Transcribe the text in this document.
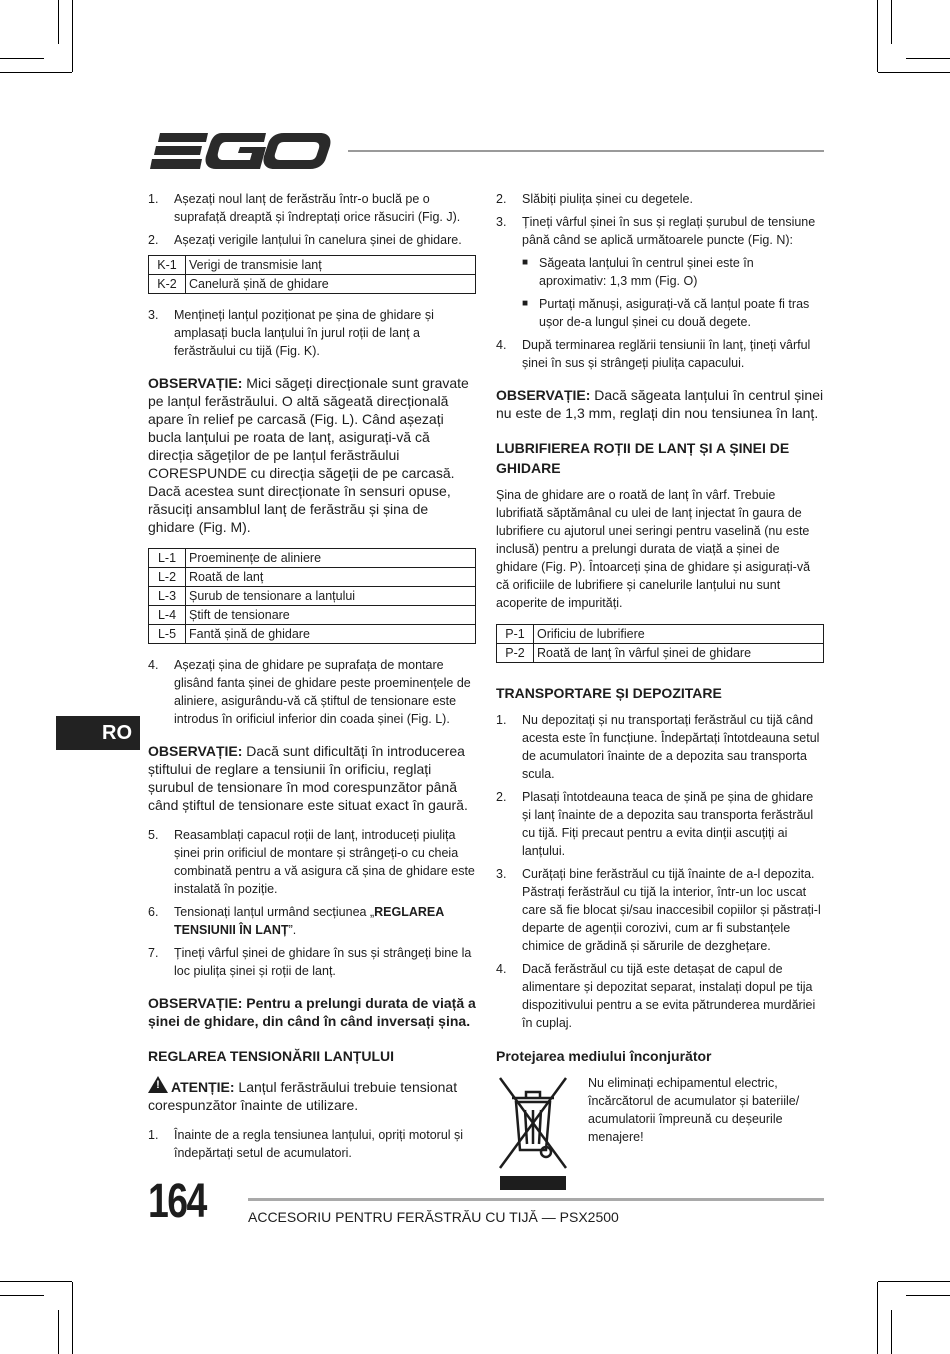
1.	Așezați noul lanț de ferăstrău într-o buclă pe o suprafață dreaptă și îndreptați orice răsuciri (Fig. J).
2.	Așezați verigile lanțului în canelura șinei de ghidare.
K-1	Verigi de transmisie lanț
K-2	Canelură șină de ghidare
3.	Mențineți lanțul poziționat pe șina de ghidare și amplasați bucla lanțului în jurul roții de lanț a ferăstrăului cu tijă (Fig. K).
OBSERVAȚIE: Mici săgeți direcționale sunt gravate pe lanțul ferăstrăului. O altă săgeată direcțională apare în relief pe carcasă (Fig. L). Când așezați bucla lanțului pe roata de lanț, asigurați-vă că direcția săgeților de pe lanțul ferăstrăului CORESPUNDE cu direcția săgeții de pe carcasă. Dacă acestea sunt direcționate în sensuri opuse, răsuciți ansamblul lanț de ferăstrău și șina de ghidare (Fig. M).
L-1	Proeminențe de aliniere
L-2	Roată de lanț
L-3	Șurub de tensionare a lanțului
L-4	Știft de tensionare
L-5	Fantă șină de ghidare
4.	Așezați șina de ghidare pe suprafața de montare glisând fanta șinei de ghidare peste proeminențele de aliniere, asigurându-vă că știftul de tensionare este introdus în orificiul inferior din coada șinei (Fig. L).
OBSERVAȚIE: Dacă sunt dificultăți în introducerea știftului de reglare a tensiunii în orificiu, reglați șurubul de tensionare în mod corespunzător până când știftul de tensionare este situat exact în gaură.
5.	Reasamblați capacul roții de lanț, introduceți piulița șinei prin orificiul de montare și strângeți-o cu cheia combinată pentru a vă asigura că șina de ghidare este instalată în poziție.
6.	Tensionați lanțul urmând secțiunea „REGLAREA TENSIUNII ÎN LANȚ”.
7.	Țineți vârful șinei de ghidare în sus și strângeți bine la loc piulița șinei și roții de lanț.
OBSERVAȚIE: Pentru a prelungi durata de viață a șinei de ghidare, din când în când inversați șina.
REGLAREA TENSIONĂRII LANȚULUI
! ATENȚIE: Lanțul ferăstrăului trebuie tensionat corespunzător înainte de utilizare.
1.	Înainte de a regla tensiunea lanțului, opriți motorul și îndepărtați setul de acumulatori.
2.	Slăbiți piulița șinei cu degetele.
3.	Țineți vârful șinei în sus și reglați șurubul de tensiune până când se aplică următoarele puncte (Fig. N):
■ Săgeata lanțului în centrul șinei este în aproximativ: 1,3 mm (Fig. O)
■ Purtați mănuși, asigurați-vă că lanțul poate fi tras ușor de-a lungul șinei cu două degete.
4.	După terminarea reglării tensiunii în lanț, țineți vârful șinei în sus și strângeți piulița capacului.
OBSERVAȚIE: Dacă săgeata lanțului în centrul șinei nu este de 1,3 mm, reglați din nou tensiunea în lanț.
LUBRIFIEREA ROȚII DE LANȚ ȘI A ȘINEI DE GHIDARE
Șina de ghidare are o roată de lanț în vârf. Trebuie lubrifiată săptămânal cu ulei de lanț injectat în gaura de lubrifiere cu ajutorul unei seringi pentru vaselină (nu este inclusă) pentru a prelungi durata de viață a șinei de ghidare (Fig. P). Întoarceți șina de ghidare și asigurați-vă că orificiile de lubrifiere și canelurile lanțului nu sunt acoperite de impurități.
P-1	Orificiu de lubrifiere
P-2	Roată de lanț în vârful șinei de ghidare
TRANSPORTARE ȘI DEPOZITARE
1.	Nu depozitați și nu transportați ferăstrăul cu tijă când acesta este în funcțiune. Îndepărtați întotdeauna setul de acumulatori înainte de a depozita sau transporta scula.
2.	Plasați întotdeauna teaca de șină pe șina de ghidare și lanț înainte de a depozita sau transporta ferăstrăul cu tijă. Fiți precaut pentru a evita dinții ascuțiți ai lanțului.
3.	Curățați bine ferăstrăul cu tijă înainte de a-l depozita. Păstrați ferăstrăul cu tijă la interior, într-un loc uscat care să fie blocat și/sau inaccesibil copiilor și păstrați-l departe de agenții corozivi, cum ar fi substanțele chimice de grădină și sărurile de dezghețare.
4.	Dacă ferăstrăul cu tijă este detașat de capul de alimentare și depozitat separat, instalați dopul pe tija dispozitivului pentru a se evita pătrunderea murdăriei în cuplaj.
Protejarea mediului înconjurător
Nu eliminați echipamentul electric, încărcătorul de acumulator și bateriile/ acumulatorii împreună cu deșeurile menajere!
RO
164	ACCESORIU PENTRU FERĂSTRĂU CU TIJĂ — PSX2500
